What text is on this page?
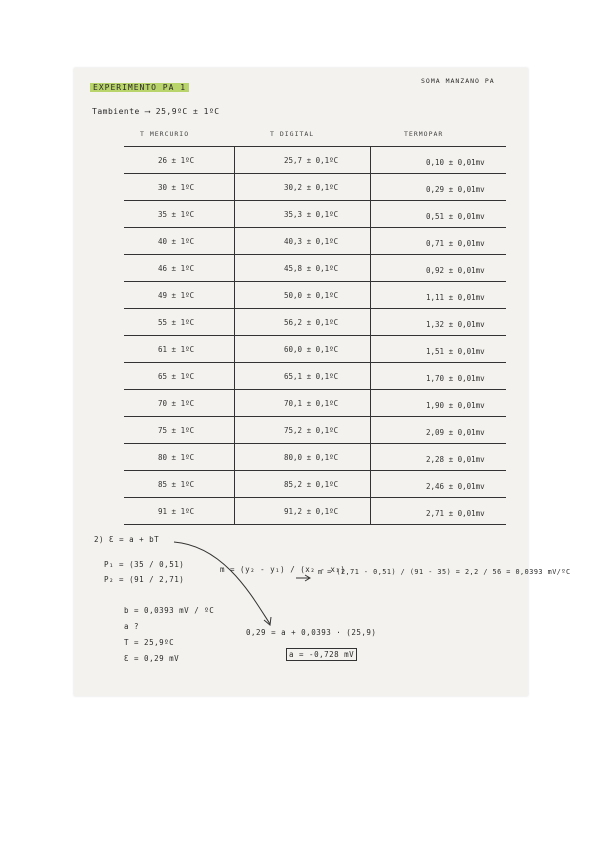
EXPERIMENTO PA 1
SOMA MANZANO PA
Tambiente ⟶ 25,9ºC ± 1ºC
T MERCURIO	T DIGITAL	TERMOPAR
26 ± 1ºC	25,7 ± 0,1ºC	0,10 ± 0,01mv
30 ± 1ºC	30,2 ± 0,1ºC	0,29 ± 0,01mv
35 ± 1ºC	35,3 ± 0,1ºC	0,51 ± 0,01mv
40 ± 1ºC	40,3 ± 0,1ºC	0,71 ± 0,01mv
46 ± 1ºC	45,8 ± 0,1ºC	0,92 ± 0,01mv
49 ± 1ºC	50,0 ± 0,1ºC	1,11 ± 0,01mv
55 ± 1ºC	56,2 ± 0,1ºC	1,32 ± 0,01mv
61 ± 1ºC	60,0 ± 0,1ºC	1,51 ± 0,01mv
65 ± 1ºC	65,1 ± 0,1ºC	1,70 ± 0,01mv
70 ± 1ºC	70,1 ± 0,1ºC	1,90 ± 0,01mv
75 ± 1ºC	75,2 ± 0,1ºC	2,09 ± 0,01mv
80 ± 1ºC	80,0 ± 0,1ºC	2,28 ± 0,01mv
85 ± 1ºC	85,2 ± 0,1ºC	2,46 ± 0,01mv
91 ± 1ºC	91,2 ± 0,1ºC	2,71 ± 0,01mv
2) Ɛ = a + bT
P₁ = (35 / 0,51)
P₂ = (91 / 2,71)
m = (y₂ - y₁) / (x₂ - x₁)
m = (2,71 - 0,51) / (91 - 35) = 2,2 / 56 = 0,0393 mV/ºC
b = 0,0393 mV / ºC
a ?
T = 25,9ºC
Ɛ = 0,29 mV
0,29 = a + 0,0393 · (25,9)
a = -0,728 mV
